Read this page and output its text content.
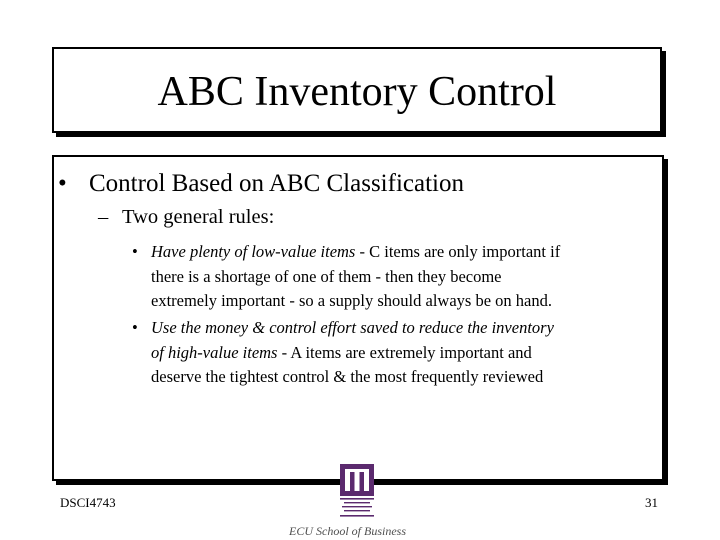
ABC Inventory Control
• Control Based on ABC Classification
– Two general rules:
• Have plenty of low-value items - C items are only important if
there is a shortage of one of them - then they become
extremely important - so a supply should always be on hand.
• Use the money & control effort saved to reduce the inventory
of high-value items - A items are extremely important and
deserve the tightest control & the most frequently reviewed
DSCI4743	31
ECU School of Business
